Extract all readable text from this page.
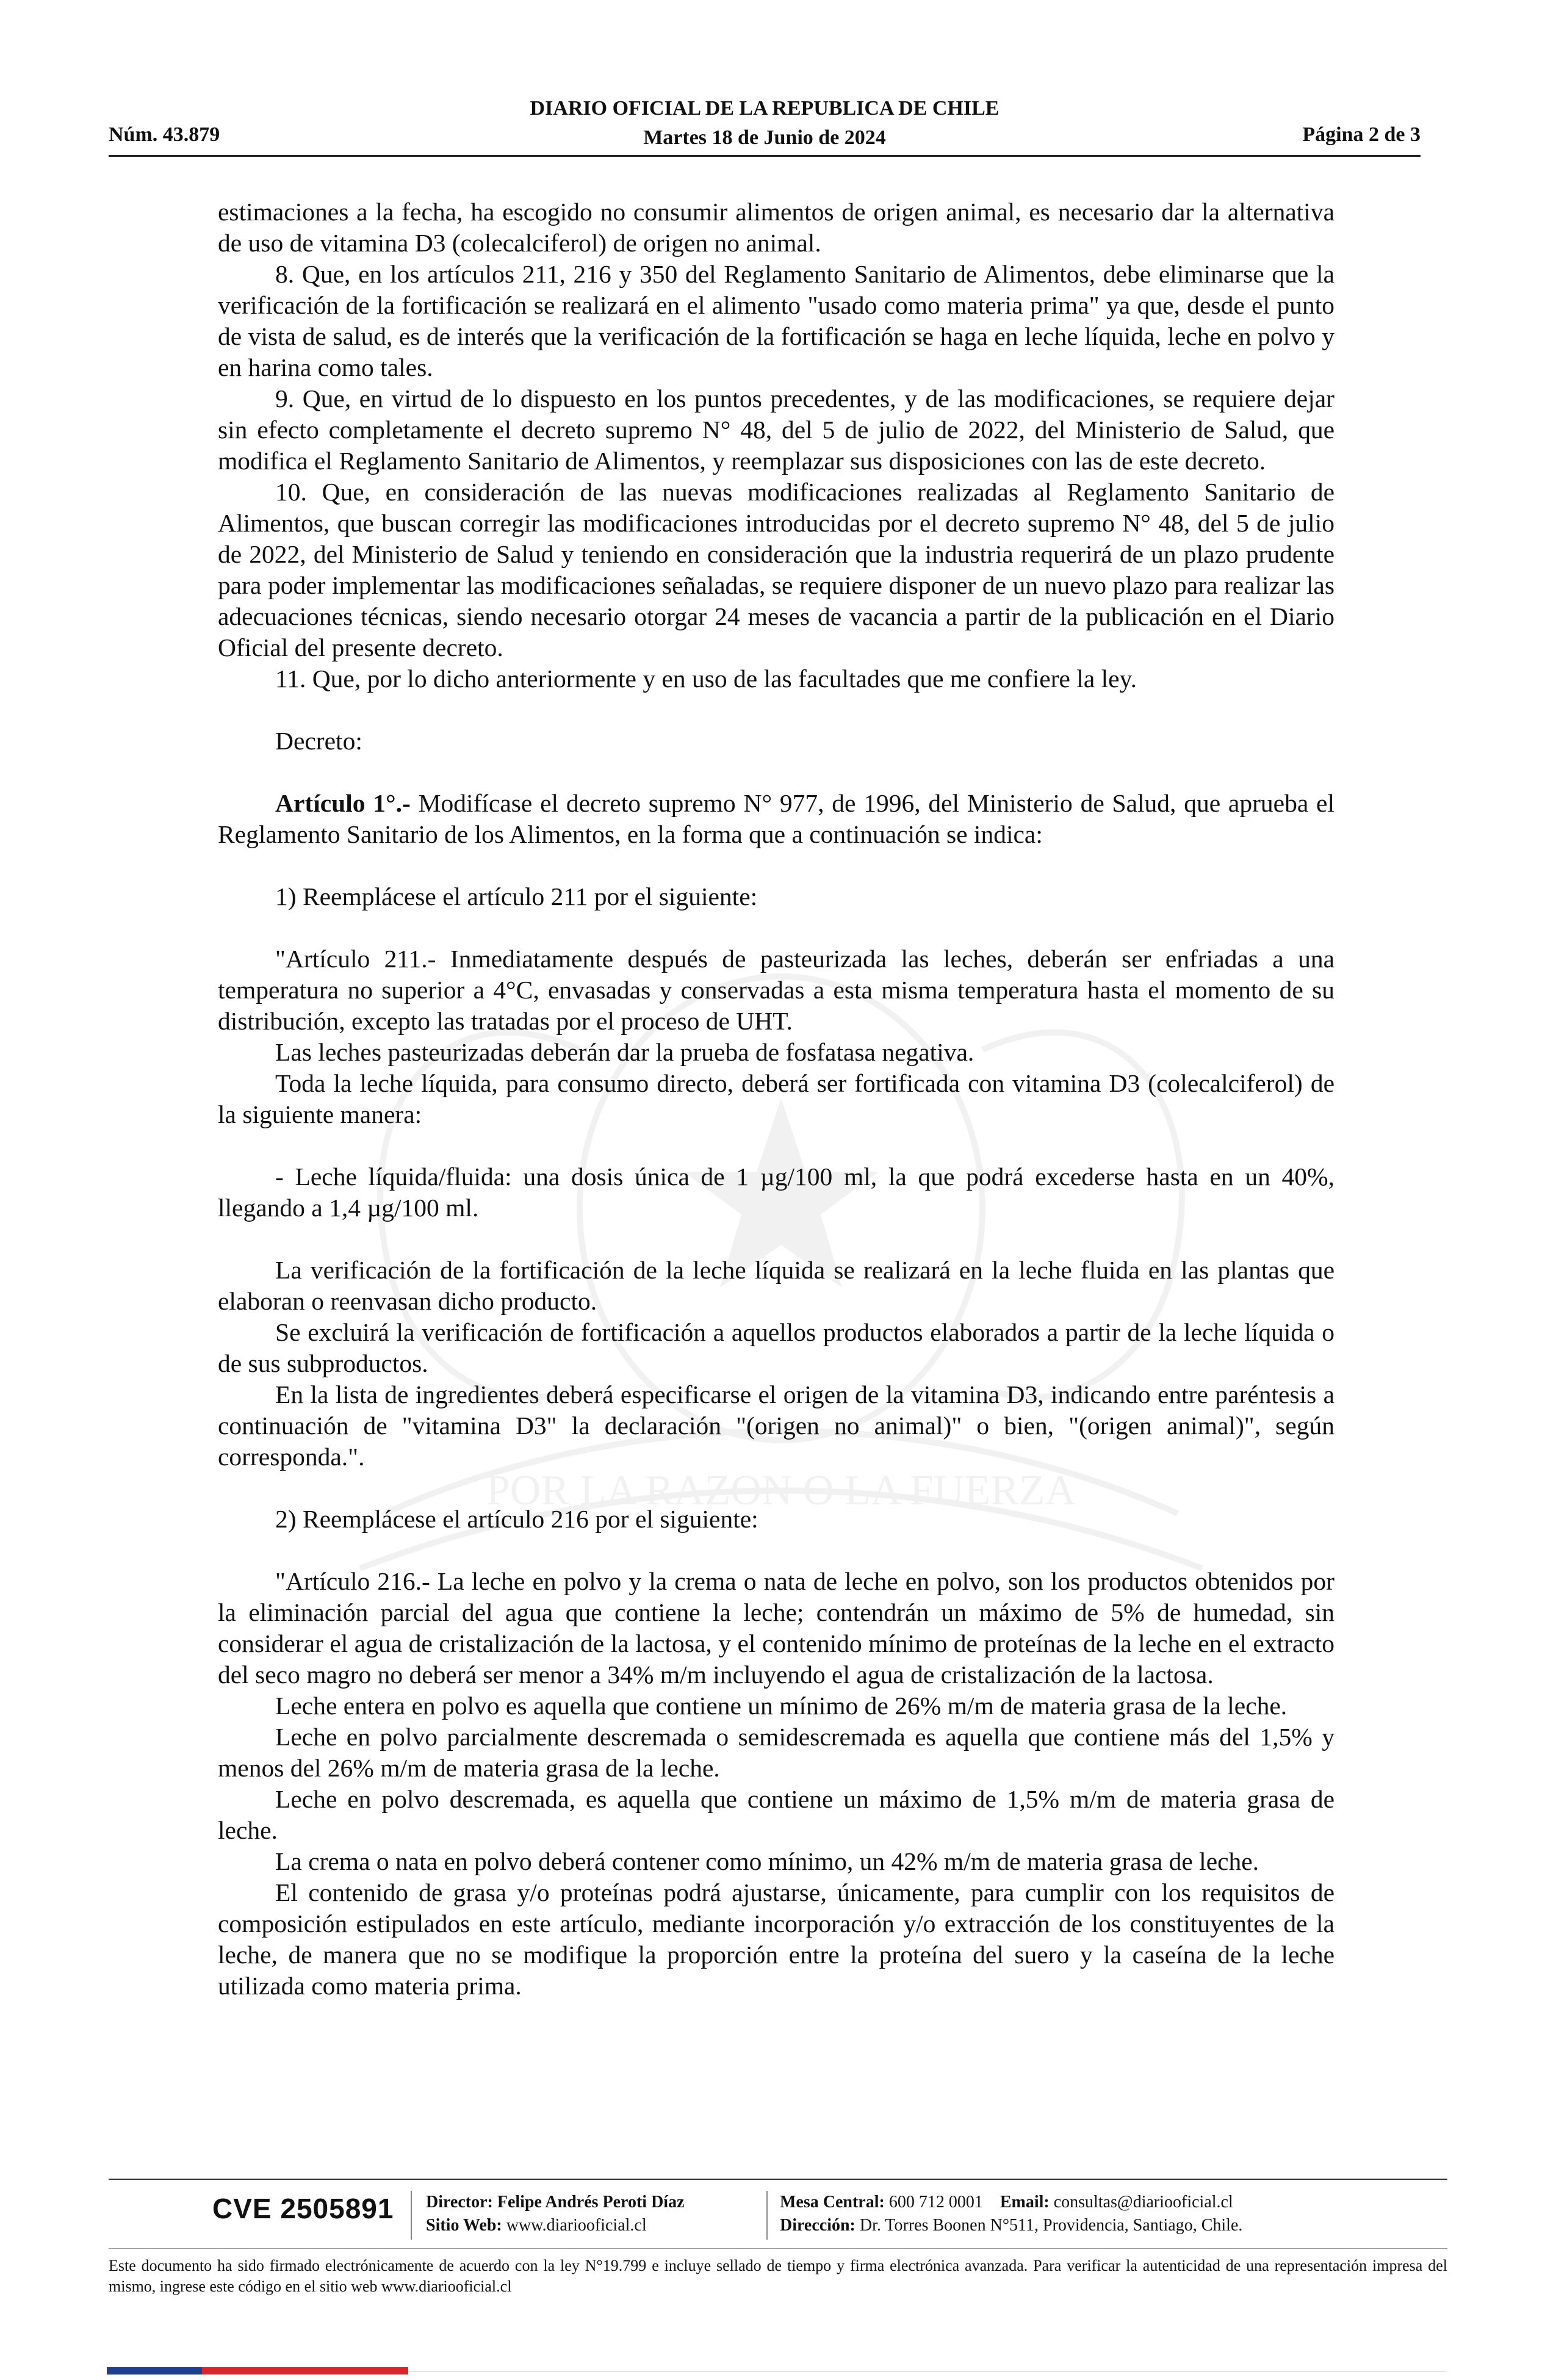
POR LA RAZON O LA FUERZA
Núm. 43.879
DIARIO OFICIAL DE LA REPUBLICA DE CHILE
Martes 18 de Junio de 2024	Página 2 de 3

estimaciones a la fecha, ha escogido no consumir alimentos de origen animal, es necesario dar la alternativa de uso de vitamina D3 (colecalciferol) de origen no animal.

8. Que, en los artículos 211, 216 y 350 del Reglamento Sanitario de Alimentos, debe eliminarse que la verificación de la fortificación se realizará en el alimento "usado como materia prima" ya que, desde el punto de vista de salud, es de interés que la verificación de la fortificación se haga en leche líquida, leche en polvo y en harina como tales.

9. Que, en virtud de lo dispuesto en los puntos precedentes, y de las modificaciones, se requiere dejar sin efecto completamente el decreto supremo N° 48, del 5 de julio de 2022, del Ministerio de Salud, que modifica el Reglamento Sanitario de Alimentos, y reemplazar sus disposiciones con las de este decreto.

10. Que, en consideración de las nuevas modificaciones realizadas al Reglamento Sanitario de Alimentos, que buscan corregir las modificaciones introducidas por el decreto supremo N° 48, del 5 de julio de 2022, del Ministerio de Salud y teniendo en consideración que la industria requerirá de un plazo prudente para poder implementar las modificaciones señaladas, se requiere disponer de un nuevo plazo para realizar las adecuaciones técnicas, siendo necesario otorgar 24 meses de vacancia a partir de la publicación en el Diario Oficial del presente decreto.

11. Que, por lo dicho anteriormente y en uso de las facultades que me confiere la ley.

Decreto:

Artículo 1°.- Modifícase el decreto supremo N° 977, de 1996, del Ministerio de Salud, que aprueba el Reglamento Sanitario de los Alimentos, en la forma que a continuación se indica:

1) Reemplácese el artículo 211 por el siguiente:

"Artículo 211.- Inmediatamente después de pasteurizada las leches, deberán ser enfriadas a una temperatura no superior a 4°C, envasadas y conservadas a esta misma temperatura hasta el momento de su distribución, excepto las tratadas por el proceso de UHT.

Las leches pasteurizadas deberán dar la prueba de fosfatasa negativa.

Toda la leche líquida, para consumo directo, deberá ser fortificada con vitamina D3 (colecalciferol) de la siguiente manera:

- Leche líquida/fluida: una dosis única de 1 µg/100 ml, la que podrá excederse hasta en un 40%, llegando a 1,4 µg/100 ml.

La verificación de la fortificación de la leche líquida se realizará en la leche fluida en las plantas que elaboran o reenvasan dicho producto.

Se excluirá la verificación de fortificación a aquellos productos elaborados a partir de la leche líquida o de sus subproductos.

En la lista de ingredientes deberá especificarse el origen de la vitamina D3, indicando entre paréntesis a continuación de "vitamina D3" la declaración "(origen no animal)" o bien, "(origen animal)", según corresponda.".

2) Reemplácese el artículo 216 por el siguiente:

"Artículo 216.- La leche en polvo y la crema o nata de leche en polvo, son los productos obtenidos por la eliminación parcial del agua que contiene la leche; contendrán un máximo de 5% de humedad, sin considerar el agua de cristalización de la lactosa, y el contenido mínimo de proteínas de la leche en el extracto del seco magro no deberá ser menor a 34% m/m incluyendo el agua de cristalización de la lactosa.

Leche entera en polvo es aquella que contiene un mínimo de 26% m/m de materia grasa de la leche.

Leche en polvo parcialmente descremada o semidescremada es aquella que contiene más del 1,5% y menos del 26% m/m de materia grasa de la leche.

Leche en polvo descremada, es aquella que contiene un máximo de 1,5% m/m de materia grasa de leche.

La crema o nata en polvo deberá contener como mínimo, un 42% m/m de materia grasa de leche.

El contenido de grasa y/o proteínas podrá ajustarse, únicamente, para cumplir con los requisitos de composición estipulados en este artículo, mediante incorporación y/o extracción de los constituyentes de la leche, de manera que no se modifique la proporción entre la proteína del suero y la caseína de la leche utilizada como materia prima.

CVE 2505891 Director: Felipe Andrés Peroti Díaz
Sitio Web: www.diariooficial.cl
Mesa Central: 600 712 0001 Email: consultas@diariooficial.cl
Dirección: Dr. Torres Boonen N°511, Providencia, Santiago, Chile.
Este documento ha sido firmado electrónicamente de acuerdo con la ley N°19.799 e incluye sellado de tiempo y firma electrónica avanzada. Para verificar la autenticidad de una representación impresa del mismo, ingrese este código en el sitio web www.diariooficial.cl
